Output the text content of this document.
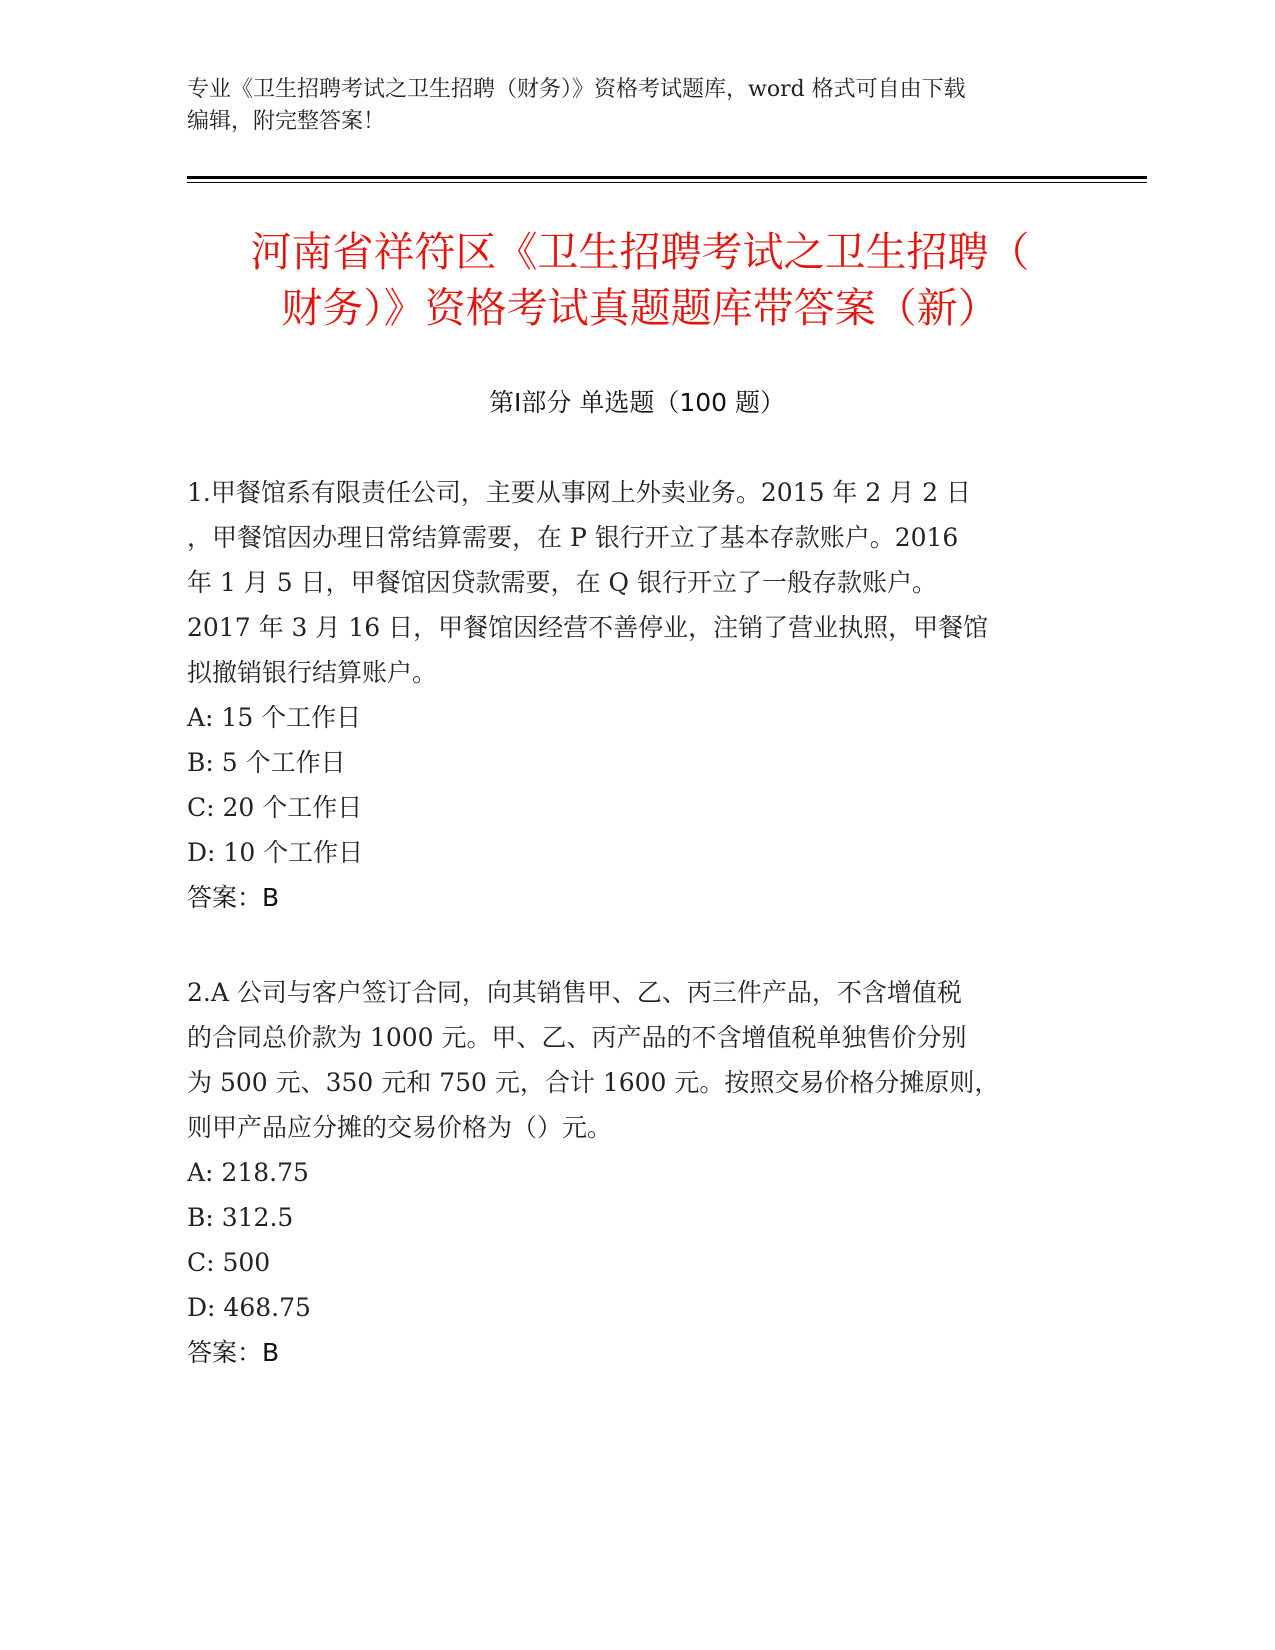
专业《卫生招聘考试之卫生招聘（财务）》资格考试题库，word 格式可自由下载
编辑，附完整答案！
河南省祥符区《卫生招聘考试之卫生招聘（
财务）》资格考试真题题库带答案（新）
第Ⅰ部分 单选题（100 题）
1.甲餐馆系有限责任公司，主要从事网上外卖业务。2015 年 2 月 2 日
，甲餐馆因办理日常结算需要，在 P 银行开立了基本存款账户。2016
年 1 月 5 日，甲餐馆因贷款需要，在 Q 银行开立了一般存款账户。
2017 年 3 月 16 日，甲餐馆因经营不善停业，注销了营业执照，甲餐馆
拟撤销银行结算账户。
A: 15 个工作日
B: 5 个工作日
C: 20 个工作日
D: 10 个工作日
答案：B
2.A 公司与客户签订合同，向其销售甲、乙、丙三件产品，不含增值税
的合同总价款为 1000 元。甲、乙、丙产品的不含增值税单独售价分别
为 500 元、350 元和 750 元，合计 1600 元。按照交易价格分摊原则，
则甲产品应分摊的交易价格为（）元。
A: 218.75
B: 312.5
C: 500
D: 468.75
答案：B
